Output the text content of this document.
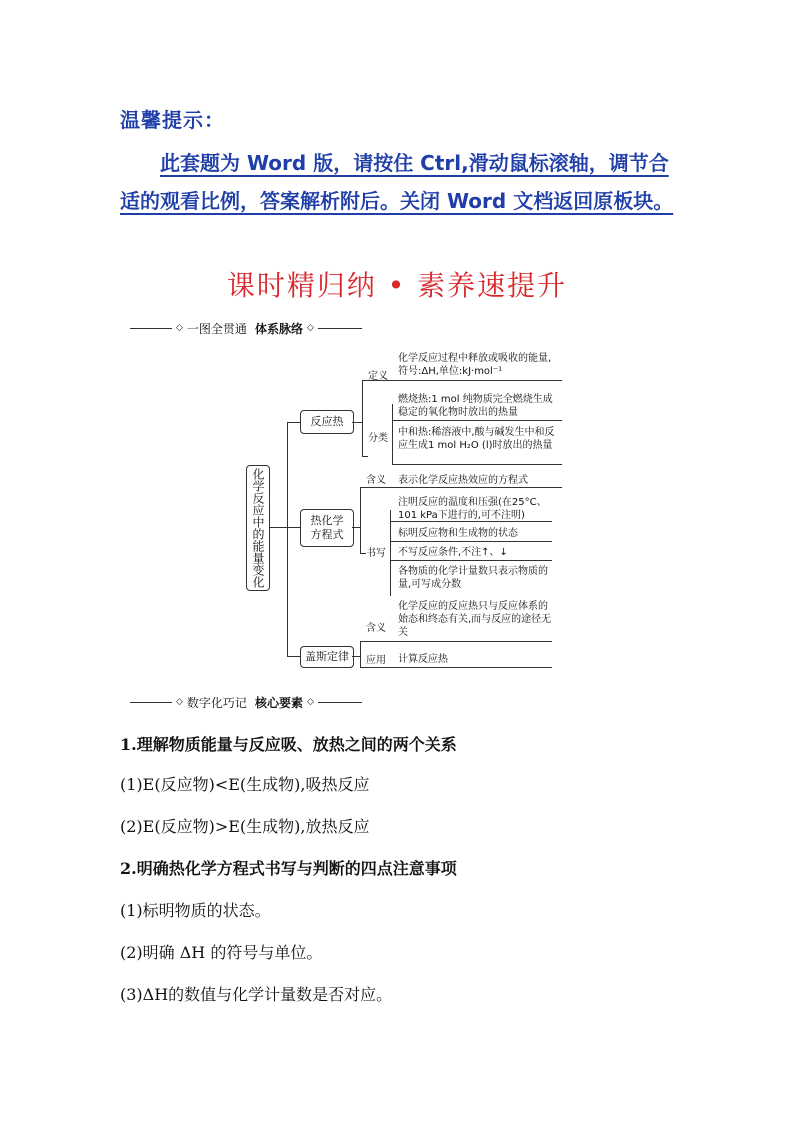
温馨提示：

此套题为 Word 版，请按住 Ctrl,滑动鼠标滚轴，调节合适的观看比例，答案解析附后。关闭 Word 文档返回原板块。

课时精归纳 • 素养速提升
◇ 一图全贯通 体系脉络 ◇
化学反应中的能量变化
反应热
定义
化学反应过程中释放或吸收的能量,符号:ΔH,单位:kJ·mol⁻¹
分类
燃烧热:1 mol 纯物质完全燃烧生成稳定的氧化物时放出的热量
中和热:稀溶液中,酸与碱发生中和反应生成1 mol H₂O (l)时放出的热量
热化学方程式
含义 表示化学反应热效应的方程式
书写
注明反应的温度和压强(在25°C、101 kPa下进行的,可不注明)
标明反应物和生成物的状态
不写反应条件,不注↑、↓
各物质的化学计量数只表示物质的量,可写成分数
盖斯定律
含义
化学反应的反应热只与反应体系的始态和终态有关,而与反应的途径无关
应用 计算反应热
◇ 数字化巧记 核心要素 ◇
1.理解物质能量与反应吸、放热之间的两个关系
(1)E(反应物)<E(生成物),吸热反应
(2)E(反应物)>E(生成物),放热反应
2.明确热化学方程式书写与判断的四点注意事项
(1)标明物质的状态。
(2)明确 ΔH 的符号与单位。
(3)ΔH的数值与化学计量数是否对应。
